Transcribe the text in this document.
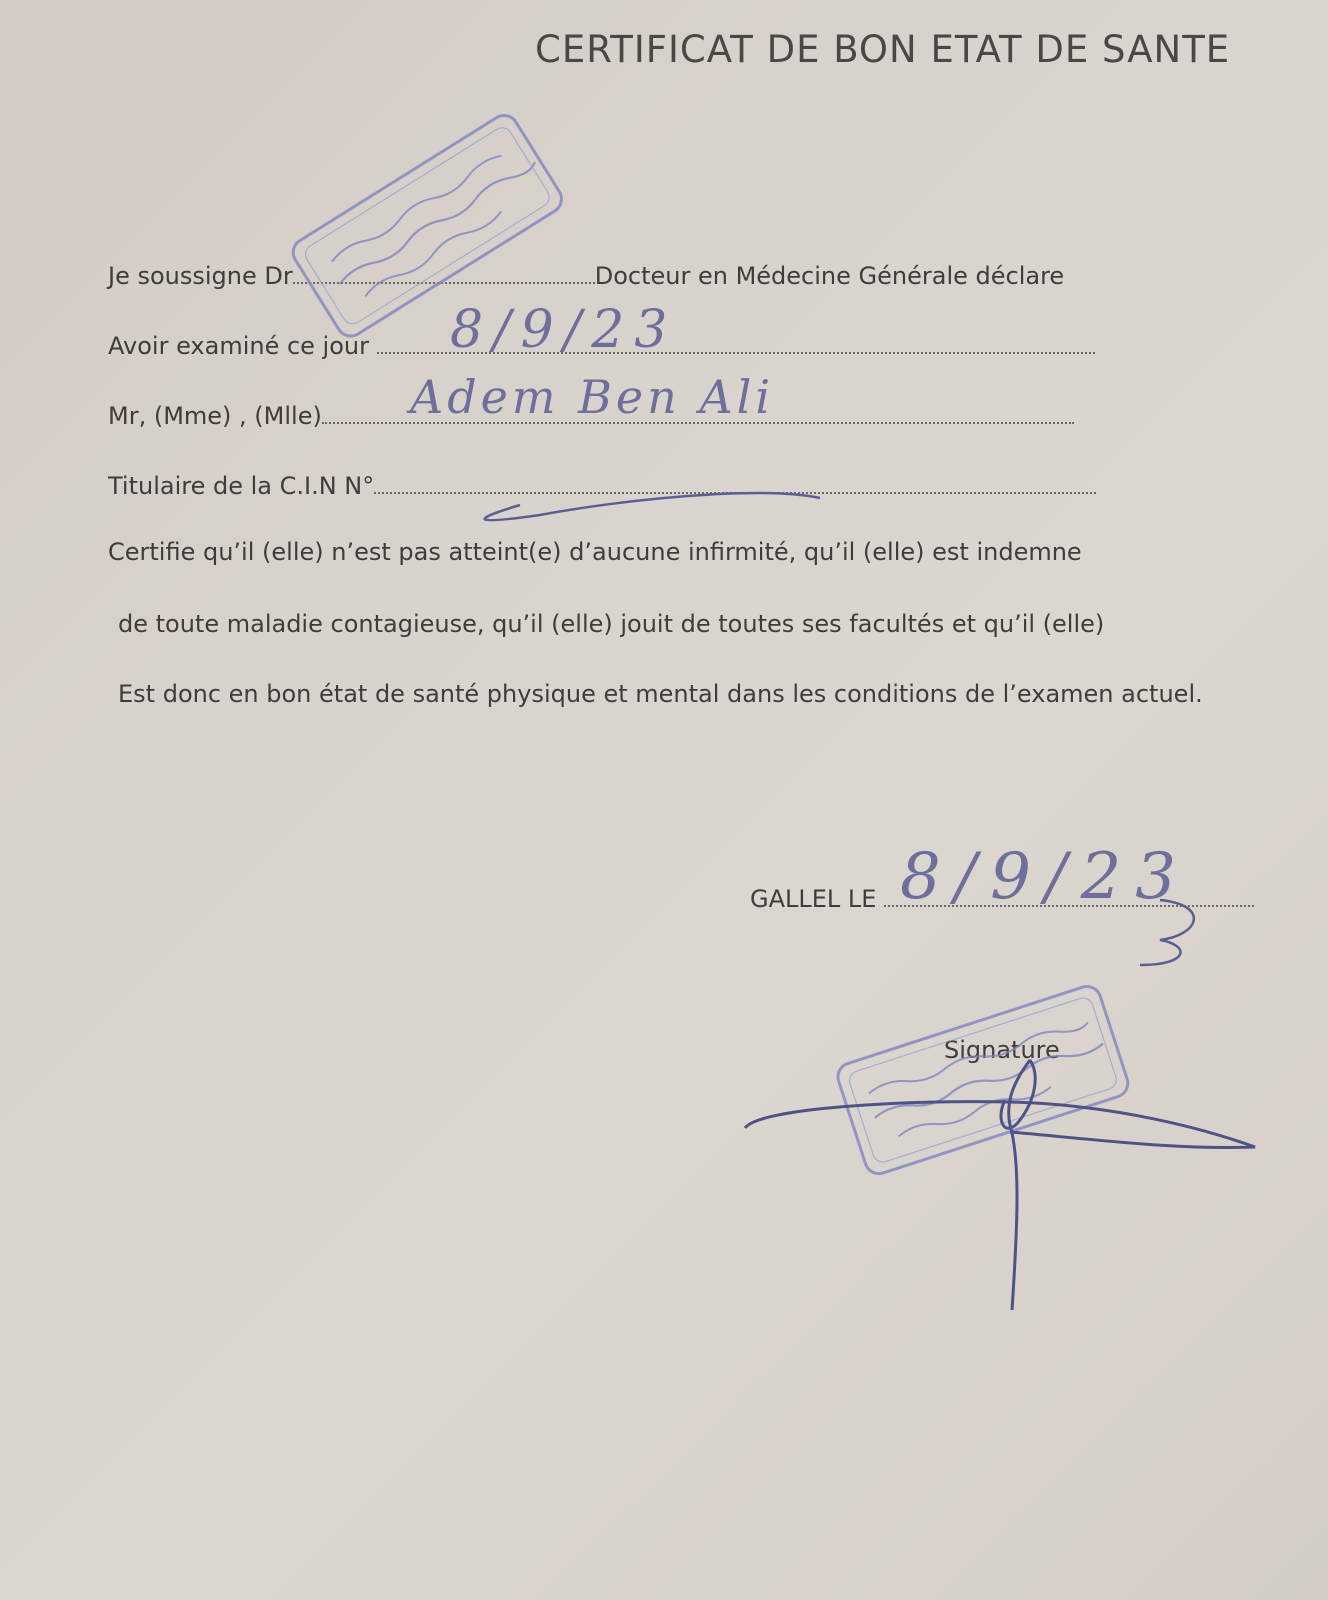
CERTIFICAT DE BON ETAT DE SANTE
Je soussigne Dr	Docteur en Médecine Générale déclare
Avoir examiné ce jour	8/9/23
Mr, (Mme) , (Mlle)	Adem Ben Ali
Titulaire de la C.I.N N°
Certifie qu’il (elle) n’est pas atteint(e) d’aucune infirmité, qu’il (elle) est indemne
de toute maladie contagieuse, qu’il (elle) jouit de toutes ses facultés et qu’il (elle)
Est donc en bon état de santé physique et mental dans les conditions de l’examen actuel.
GALLEL LE 8/9/23
Signature
